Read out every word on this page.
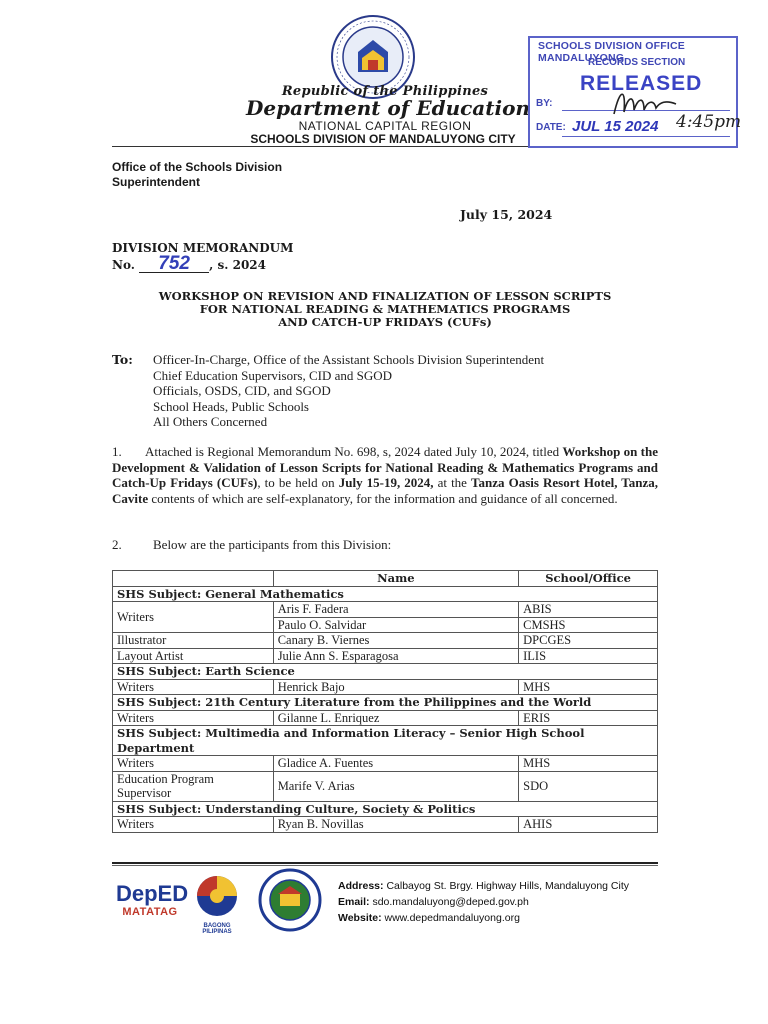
Republic of the Philippines
Department of Education
NATIONAL CAPITAL REGION
SCHOOLS DIVISION OF MANDALUYONG CITY
SCHOOLS DIVISION OFFICE MANDALUYONG
RECORDS SECTION
RELEASED
BY:
DATE: JUL 15 2024 4:45pm
Office of the Schools Division Superintendent
July 15, 2024
DIVISION MEMORANDUM
No. 752 , s. 2024
WORKSHOP ON REVISION AND FINALIZATION OF LESSON SCRIPTS
FOR NATIONAL READING & MATHEMATICS PROGRAMS
AND CATCH-UP FRIDAYS (CUFs)
To: Officer-In-Charge, Office of the Assistant Schools Division Superintendent
Chief Education Supervisors, CID and SGOD
Officials, OSDS, CID, and SGOD
School Heads, Public Schools
All Others Concerned
1. Attached is Regional Memorandum No. 698, s, 2024 dated July 10, 2024, titled Workshop on the Development & Validation of Lesson Scripts for National Reading & Mathematics Programs and Catch-Up Fridays (CUFs), to be held on July 15-19, 2024, at the Tanza Oasis Resort Hotel, Tanza, Cavite contents of which are self-explanatory, for the information and guidance of all concerned.
2. Below are the participants from this Division:
	Name	School/Office
SHS Subject: General Mathematics		
Writers	Aris F. Fadera	ABIS
	Paulo O. Salvidar	CMSHS
Illustrator	Canary B. Viernes	DPCGES
Layout Artist	Julie Ann S. Esparagosa	ILIS
SHS Subject: Earth Science		
Writers	Henrick Bajo	MHS
SHS Subject: 21th Century Literature from the Philippines and the World		
Writers	Gilanne L. Enriquez	ERIS
SHS Subject: Multimedia and Information Literacy – Senior High School Department		
Writers	Gladice A. Fuentes	MHS
Education Program Supervisor	Marife V. Arias	SDO
SHS Subject: Understanding Culture, Society & Politics		
Writers	Ryan B. Novillas	AHIS
DepED
MATATAG
BAGONG PILIPINAS
Address: Calbayog St. Brgy. Highway Hills, Mandaluyong City
Email: sdo.mandaluyong@deped.gov.ph
Website: www.depedmandaluyong.org
